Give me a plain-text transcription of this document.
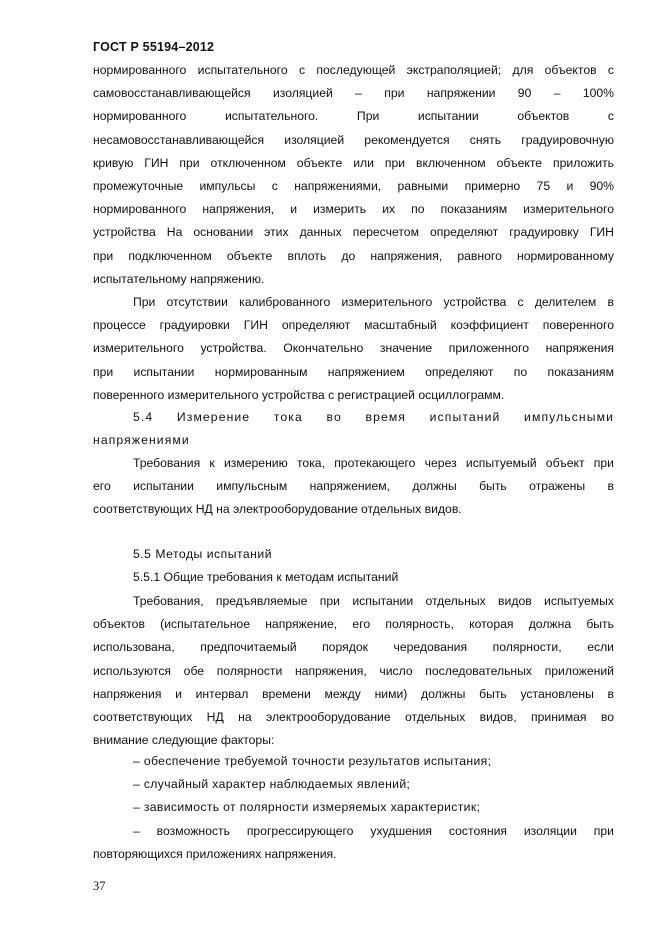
ГОСТ Р 55194–2012
нормированного испытательного с последующей экстраполяцией; для объектов с
самовосстанавливающейся изоляцией – при напряжении 90 – 100%
нормированного испытательного. При испытании объектов с
несамовосстанавливающейся изоляцией рекомендуется снять градуировочную
кривую ГИН при отключенном объекте или при включенном объекте приложить
промежуточные импульсы с напряжениями, равными примерно 75 и 90%
нормированного напряжения, и измерить их по показаниям измерительного
устройства На основании этих данных пересчетом определяют градуировку ГИН
при подключенном объекте вплоть до напряжения, равного нормированному
испытательному напряжению.
При отсутствии калиброванного измерительного устройства с делителем в
процессе градуировки ГИН определяют масштабный коэффициент поверенного
измерительного устройства. Окончательно значение приложенного напряжения
при испытании нормированным напряжением определяют по показаниям
поверенного измерительного устройства с регистрацией осциллограмм.
5.4 Измерение тока во время испытаний импульсными
напряжениями
Требования к измерению тока, протекающего через испытуемый объект при
его испытании импульсным напряжением, должны быть отражены в
соответствующих НД на электрооборудование отдельных видов.

5.5 Методы испытаний

5.5.1 Общие требования к методам испытаний

Требования, предъявляемые при испытании отдельных видов испытуемых
объектов (испытательное напряжение, его полярность, которая должна быть
использована, предпочитаемый порядок чередования полярности, если
используются обе полярности напряжения, число последовательных приложений
напряжения и интервал времени между ними) должны быть установлены в
соответствующих НД на электрооборудование отдельных видов, принимая во
внимание следующие факторы:

– обеспечение требуемой точности результатов испытания;

– случайный характер наблюдаемых явлений;

– зависимость от полярности измеряемых характеристик;

– возможность прогрессирующего ухудшения состояния изоляции при
повторяющихся приложениях напряжения.
37
